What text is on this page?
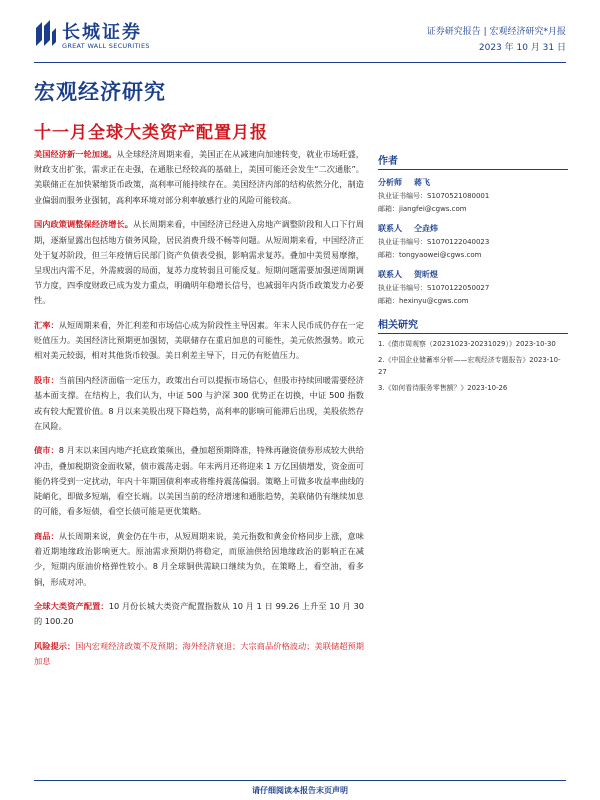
长城证券
GREAT WALL SECURITIES
证券研究报告 | 宏观经济研究*月报
2023 年 10 月 31 日
宏观经济研究
十一月全球大类资产配置月报

美国经济新一轮加速。从全球经济周期来看，美国正在从减速向加速转变，就业市场旺盛，财政支出扩张，需求正在走强，在通胀已经较高的基础上，美国可能还会发生“二次通胀”。美联储正在加快紧缩货币政策，高利率可能持续存在。美国经济内部的结构依然分化，制造业偏弱而服务业强韧，高利率环境对部分利率敏感行业的风险可能较高。

国内政策调整保经济增长。从长周期来看，中国经济已经进入房地产调整阶段和人口下行周期，逐渐显露出包括地方债务风险，居民消费升级不畅等问题。从短周期来看，中国经济正处于复苏阶段，但三年疫情后民部门资产负债表受损，影响需求复苏。叠加中美贸易摩擦，呈现出内需不足，外需疲弱的局面，复苏力度转弱且可能反复。短期问题需要加强逆周期调节力度，四季度财政已成为发力重点，明确明年稳增长信号，也减弱年内货币政策发力必要性。

汇率：从短周期来看，外汇利差和市场信心成为阶段性主导因素。年末人民币成仍存在一定贬值压力。美国经济比预期更加强韧，美联储存在重启加息的可能性，美元依然强势。欧元相对美元较弱，相对其他货币较强。美日利差主导下，日元仍有贬值压力。

股市：当前国内经济面临一定压力，政策出台可以提振市场信心，但股市持续回暖需要经济基本面支撑。在结构上，我们认为，中证 500 与沪深 300 优势正在切换，中证 500 指数或有较大配置价值。8 月以来美股出现下降趋势，高利率的影响可能滞后出现，美股依然存在风险。

债市：8 月末以来国内地产托底政策频出，叠加超预期降准，特殊再融资债券形成较大供给冲击，叠加税期资金面收紧，债市震荡走弱。年末两月还将迎来 1 万亿国债增发，资金面可能仍将受到一定扰动，年内十年期国债利率或将维持震荡偏弱。策略上可做多收益率曲线的陡峭化，即做多短端，看空长端。以美国当前的经济增速和通胀趋势，美联储仍有继续加息的可能，看多短债，看空长债可能是更优策略。

商品：从长周期来说，黄金仍在牛市，从短周期来说，美元指数和黄金价格同步上涨，意味着近期地缘政治影响更大。原油需求预期仍将稳定，而原油供给因地缘政治的影响正在减少，短期内原油价格弹性较小。8 月全球铜供需缺口继续为负，在策略上，看空油，看多铜，形成对冲。

全球大类资产配置：10 月份长城大类资产配置指数从 10 月 1 日 99.26 上升至 10 月 30 的 100.20

风险提示：国内宏观经济政策不及预期；海外经济衰退；大宗商品价格波动；美联储超预期加息

作者
分析师 蒋飞
执业证书编号：S1070521080001
邮箱：jiangfei@cgws.com
联系人 仝垚炜
执业证书编号：S1070122040023
邮箱：tongyaowei@cgws.com
联系人 贺昕煜
执业证书编号：S1070122050027
邮箱：hexinyu@cgws.com
相关研究
1.《债市周观察（20231023-20231029）》2023-10-30
2.《中国企业储蓄率分析——宏观经济专题报告》2023-10-27
3.《如何看待服务零售额？》2023-10-26
请仔细阅读本报告末页声明
